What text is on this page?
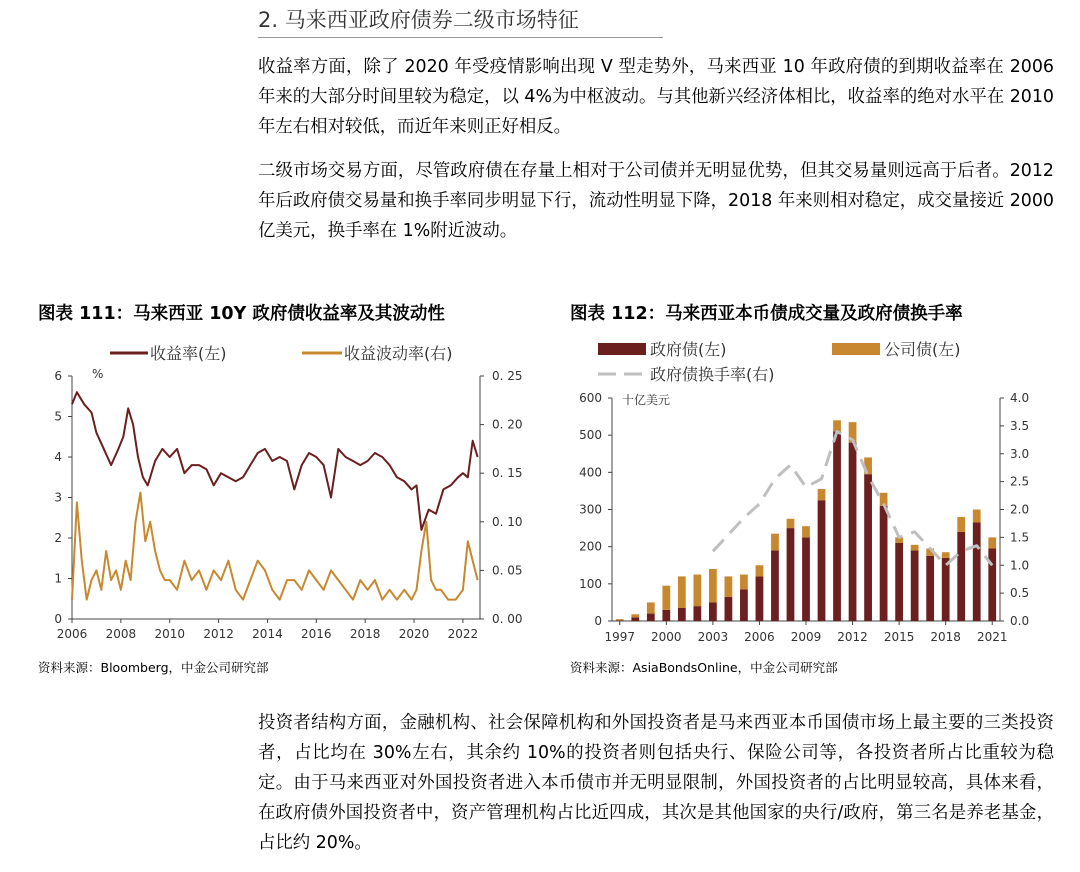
2. 马来西亚政府债券二级市场特征

收益率方面，除了 2020 年受疫情影响出现 V 型走势外，马来西亚 10 年政府债的到期收益率在 2006 年来的大部分时间里较为稳定，以 4%为中枢波动。与其他新兴经济体相比，收益率的绝对水平在 2010 年左右相对较低，而近年来则正好相反。

二级市场交易方面，尽管政府债在存量上相对于公司债并无明显优势，但其交易量则远高于后者。2012 年后政府债交易量和换手率同步明显下行，流动性明显下降，2018 年来则相对稳定，成交量接近 2000 亿美元，换手率在 1%附近波动。

图表 111：马来西亚 10Y 政府债收益率及其波动性	图表 112：马来西亚本币债成交量及政府债换手率
0
1
2
3
4
5
6	%
0. 00
0. 05
0. 10
0. 15
0. 20
0. 25
2006 2008 2010 2012 2014 2016 2018 2020 2022
收益率(左)	收益波动率(右)
0
100
200
300
400
500
600 十亿美元
0.0
0.5
1.0
1.5
2.0
2.5
3.0
3.5
4.0
1997 2000 2003 2006 2009 2012 2015 2018 2021
政府债(左)	公司债(左)
政府债换手率(右)
资料来源：Bloomberg，中金公司研究部	资料来源：AsiaBondsOnline，中金公司研究部

投资者结构方面，金融机构、社会保障机构和外国投资者是马来西亚本币国债市场上最主要的三类投资者，占比均在 30%左右，其余约 10%的投资者则包括央行、保险公司等，各投资者所占比重较为稳定。由于马来西亚对外国投资者进入本币债市并无明显限制，外国投资者的占比明显较高，具体来看，在政府债外国投资者中，资产管理机构占比近四成，其次是其他国家的央行/政府，第三名是养老基金，占比约 20%。
